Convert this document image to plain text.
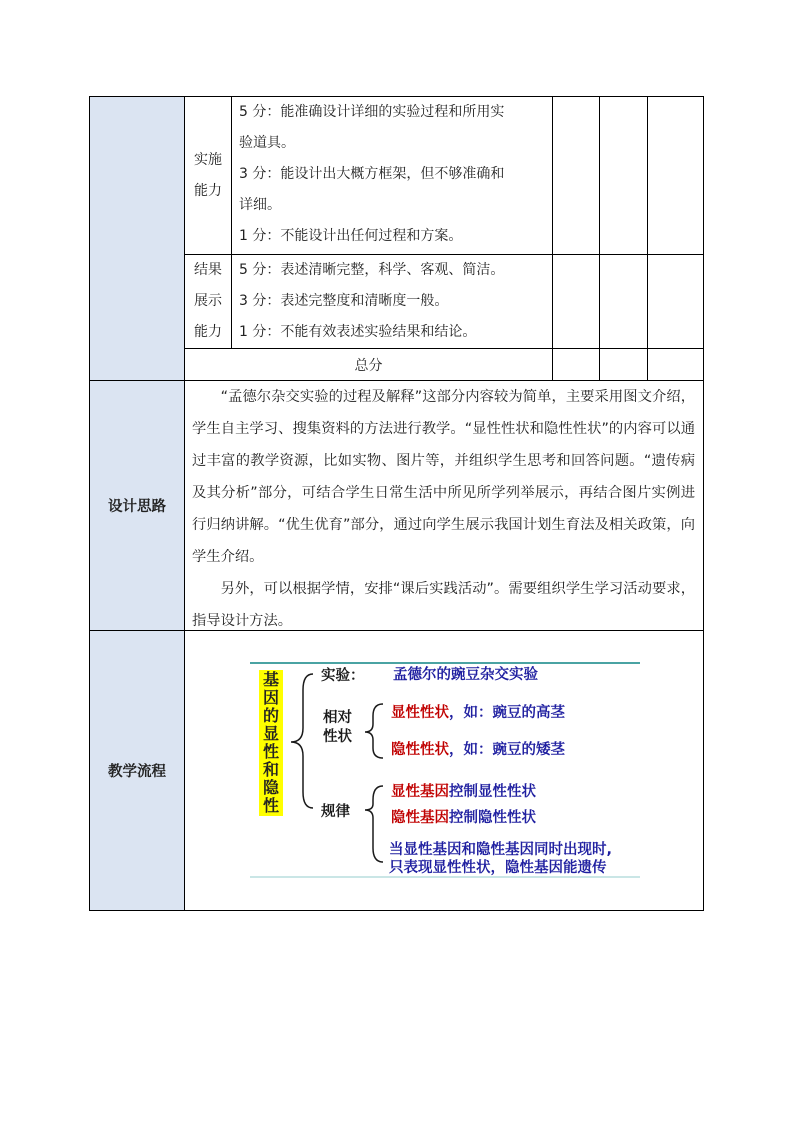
设计思路
教学流程
实施
能力

5 分：能准确设计详细的实验过程和所用实

验道具。

3 分：能设计出大概方框架，但不够准确和

详细。

1 分：不能设计出任何过程和方案。

结果
展示
能力

5 分：表述清晰完整，科学、客观、简洁。

3 分：表述完整度和清晰度一般。

1 分：不能有效表述实验结果和结论。

总分

“孟德尔杂交实验的过程及解释”这部分内容较为简单，主要采用图文介绍，学生自主学习、搜集资料的方法进行教学。“显性性状和隐性性状”的内容可以通过丰富的教学资源，比如实物、图片等，并组织学生思考和回答问题。“遗传病及其分析”部分，可结合学生日常生活中所见所学列举展示，再结合图片实例进行归纳讲解。“优生优育”部分，通过向学生展示我国计划生育法及相关政策，向学生介绍。

另外，可以根据学情，安排“课后实践活动”。需要组织学生学习活动要求，指导设计方法。

基
因
的
显
性
和
隐
性
实验： 孟德尔的豌豆杂交实验
相对
性状
显性性状，如：豌豆的高茎
隐性性状，如：豌豆的矮茎
规律
显性基因控制显性性状
隐性基因控制隐性性状
当显性基因和隐性基因同时出现时,
只表现显性性状，隐性基因能遗传
